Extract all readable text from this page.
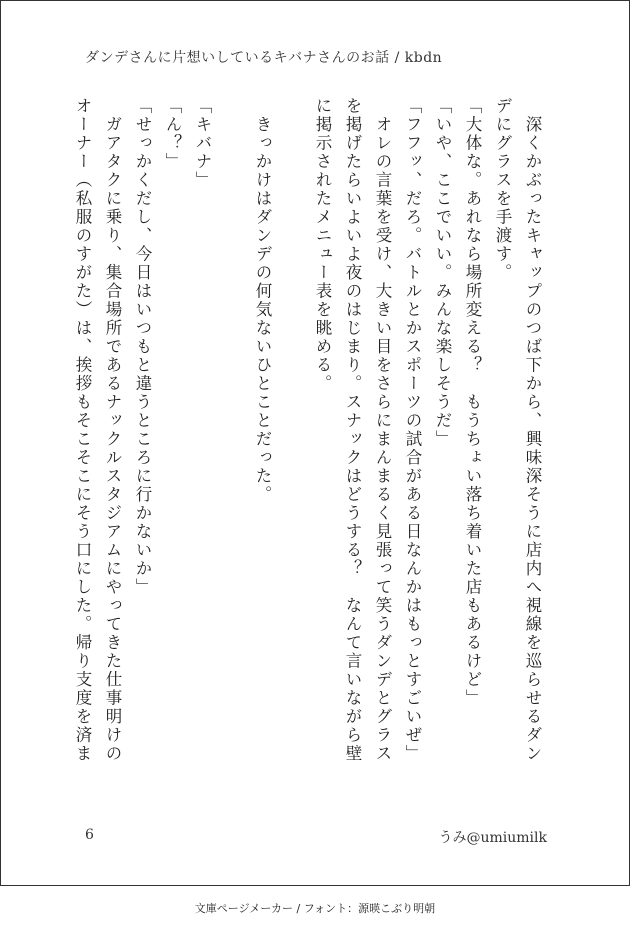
ダンデさんに片想いしているキバナさんのお話 / kbdn
　深くかぶったキャップのつば下から、興味深そうに店内へ視線を巡らせるダン
デにグラスを手渡す。
「大体な。あれなら場所変える？　もうちょい落ち着いた店もあるけど」
「いや、ここでいい。みんな楽しそうだ」
「フフッ、だろ。バトルとかスポーツの試合がある日なんかはもっとすごいぜ」
　オレの言葉を受け、大きい目をさらにまんまるく見張って笑うダンデとグラス
を掲げたらいよいよ夜のはじまり。スナックはどうする？　なんて言いながら壁
に掲示されたメニュー表を眺める。
　きっかけはダンデの何気ないひとことだった。
「キバナ」
「ん？」
「せっかくだし、今日はいつもと違うところに行かないか」
　ガアタクに乗り、集合場所であるナックルスタジアムにやってきた仕事明けの
オーナー（私服のすがた）は、挨拶もそこそこにそう口にした。帰り支度を済ま
6	うみ@umiumilk
文庫ページメーカー / フォント：源暎こぶり明朝
